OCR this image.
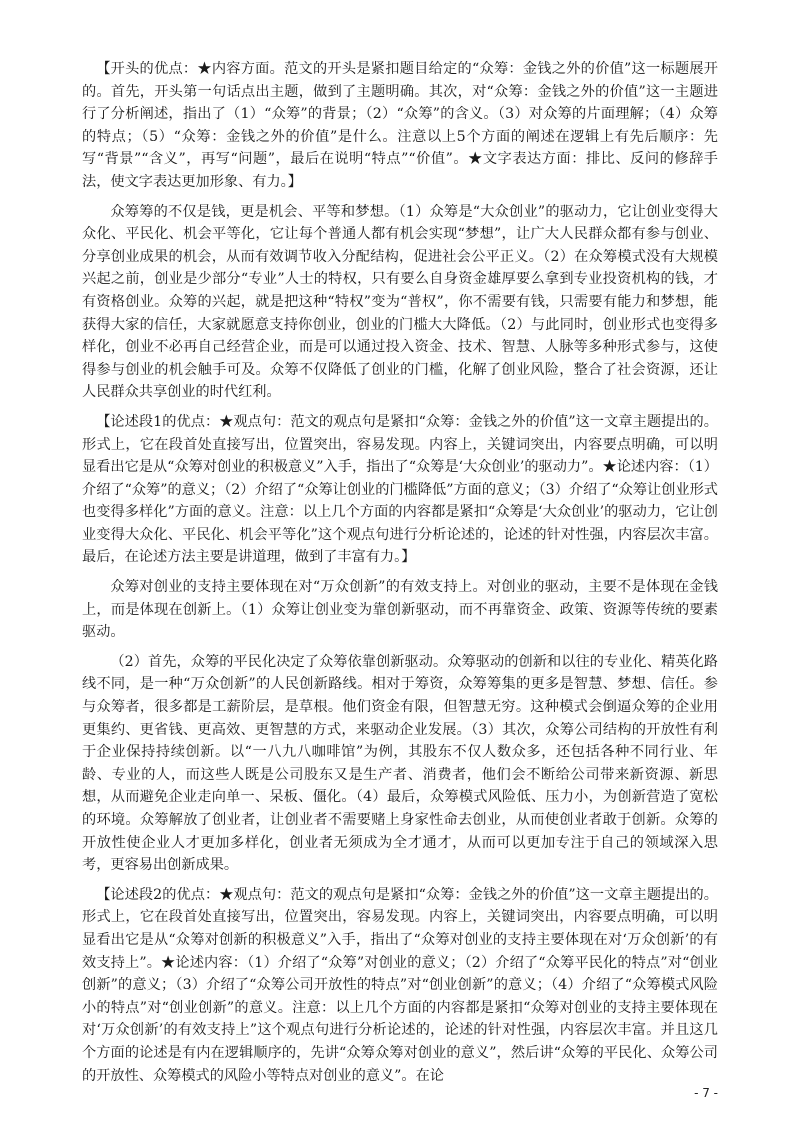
【开头的优点：★内容方面。范文的开头是紧扣题目给定的“众筹：金钱之外的价值”这一标题展开的。首先，开头第一句话点出主题，做到了主题明确。其次，对“众筹：金钱之外的价值”这一主题进行了分析阐述，指出了（1）“众筹”的背景；（2）“众筹”的含义。（3）对众筹的片面理解；（4）众筹的特点；（5）“众筹：金钱之外的价值”是什么。注意以上5个方面的阐述在逻辑上有先后顺序：先写“背景”“含义”，再写“问题”，最后在说明“特点”“价值”。★文字表达方面：排比、反问的修辞手法，使文字表达更加形象、有力。】

众筹筹的不仅是钱，更是机会、平等和梦想。（1）众筹是“大众创业”的驱动力，它让创业变得大众化、平民化、机会平等化，它让每个普通人都有机会实现“梦想”，让广大人民群众都有参与创业、分享创业成果的机会，从而有效调节收入分配结构，促进社会公平正义。（2）在众筹模式没有大规模兴起之前，创业是少部分“专业”人士的特权，只有要么自身资金雄厚要么拿到专业投资机构的钱，才有资格创业。众筹的兴起，就是把这种“特权”变为“普权”，你不需要有钱，只需要有能力和梦想，能获得大家的信任，大家就愿意支持你创业，创业的门槛大大降低。（2）与此同时，创业形式也变得多样化，创业不必再自己经营企业，而是可以通过投入资金、技术、智慧、人脉等多种形式参与，这使得参与创业的机会触手可及。众筹不仅降低了创业的门槛，化解了创业风险，整合了社会资源，还让人民群众共享创业的时代红利。

【论述段1的优点：★观点句：范文的观点句是紧扣“众筹：金钱之外的价值”这一文章主题提出的。形式上，它在段首处直接写出，位置突出，容易发现。内容上，关键词突出，内容要点明确，可以明显看出它是从“众筹对创业的积极意义”入手，指出了“众筹是‘大众创业’的驱动力”。★论述内容：（1）介绍了“众筹”的意义；（2）介绍了“众筹让创业的门槛降低”方面的意义；（3）介绍了“众筹让创业形式也变得多样化”方面的意义。注意：以上几个方面的内容都是紧扣“众筹是‘大众创业’的驱动力，它让创业变得大众化、平民化、机会平等化”这个观点句进行分析论述的，论述的针对性强，内容层次丰富。最后，在论述方法主要是讲道理，做到了丰富有力。】

众筹对创业的支持主要体现在对“万众创新”的有效支持上。对创业的驱动，主要不是体现在金钱上，而是体现在创新上。（1）众筹让创业变为靠创新驱动，而不再靠资金、政策、资源等传统的要素驱动。

（2）首先，众筹的平民化决定了众筹依靠创新驱动。众筹驱动的创新和以往的专业化、精英化路线不同，是一种“万众创新”的人民创新路线。相对于筹资，众筹筹集的更多是智慧、梦想、信任。参与众筹者，很多都是工薪阶层，是草根。他们资金有限，但智慧无穷。这种模式会倒逼众筹的企业用更集约、更省钱、更高效、更智慧的方式，来驱动企业发展。（3）其次，众筹公司结构的开放性有利于企业保持持续创新。以“一八九八咖啡馆”为例，其股东不仅人数众多，还包括各种不同行业、年龄、专业的人，而这些人既是公司股东又是生产者、消费者，他们会不断给公司带来新资源、新思想，从而避免企业走向单一、呆板、僵化。（4）最后，众筹模式风险低、压力小，为创新营造了宽松的环境。众筹解放了创业者，让创业者不需要赌上身家性命去创业，从而使创业者敢于创新。众筹的开放性使企业人才更加多样化，创业者无须成为全才通才，从而可以更加专注于自己的领域深入思考，更容易出创新成果。

【论述段2的优点：★观点句：范文的观点句是紧扣“众筹：金钱之外的价值”这一文章主题提出的。形式上，它在段首处直接写出，位置突出，容易发现。内容上，关键词突出，内容要点明确，可以明显看出它是从“众筹对创新的积极意义”入手，指出了“众筹对创业的支持主要体现在对‘万众创新’的有效支持上”。★论述内容：（1）介绍了“众筹”对创业的意义；（2）介绍了“众筹平民化的特点”对“创业创新”的意义；（3）介绍了“众筹公司开放性的特点”对“创业创新”的意义；（4）介绍了“众筹模式风险小的特点”对“创业创新”的意义。注意：以上几个方面的内容都是紧扣“众筹对创业的支持主要体现在对‘万众创新’的有效支持上”这个观点句进行分析论述的，论述的针对性强，内容层次丰富。并且这几个方面的论述是有内在逻辑顺序的，先讲“众筹众筹对创业的意义”，然后讲“众筹的平民化、众筹公司的开放性、众筹模式的风险小等特点对创业的意义”。在论

- 7 -
